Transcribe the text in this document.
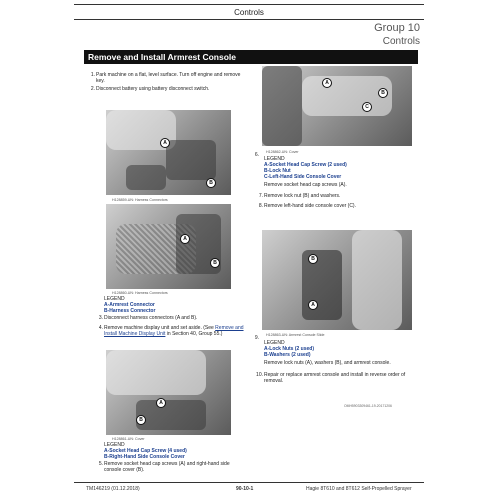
Controls
Group 10
Controls
Remove and Install Armrest Console
1. Park machine on a flat, level surface. Turn off engine and remove key.
2. Disconnect battery using battery disconnect switch.
A
B
H128859-UN: Harness Connectors
A
B
H128860-UN: Harness Connectors
LEGEND
A-Armrest Connector
B-Harness Connector
3. Disconnect harness connectors (A and B).
4. Remove machine display unit and set aside. (See Remove and Install Machine Display Unit in Section 40, Group 55.)
A
B
H128861-UN: Cover
LEGEND
A-Socket Head Cap Screw (4 used)
B-Right-Hand Side Console Cover
5. Remove socket head cap screws (A) and right-hand side console cover (B).
A
B
C
H128862-UN: Cover
6.
LEGEND
A-Socket Head Cap Screw (2 used)
B-Lock Nut
C-Left-Hand Side Console Cover
Remove socket head cap screws (A).
7. Remove lock nut (B) and washers.
8. Remove left-hand side console cover (C).
B
A
H128863-UN: Armrest Console Slide
9.
LEGEND
A-Lock Nuts (2 used)
B-Washers (2 used)
Remove lock nuts (A), washers (B), and armrest console.
10. Repair or replace armrest console and install in reverse order of removal.
OMH5903309461-19-20171206
TM146219 (01.12.2018)	90-10-1	Hagie 8T610 and 8T612 Self-Propelled Sprayer
